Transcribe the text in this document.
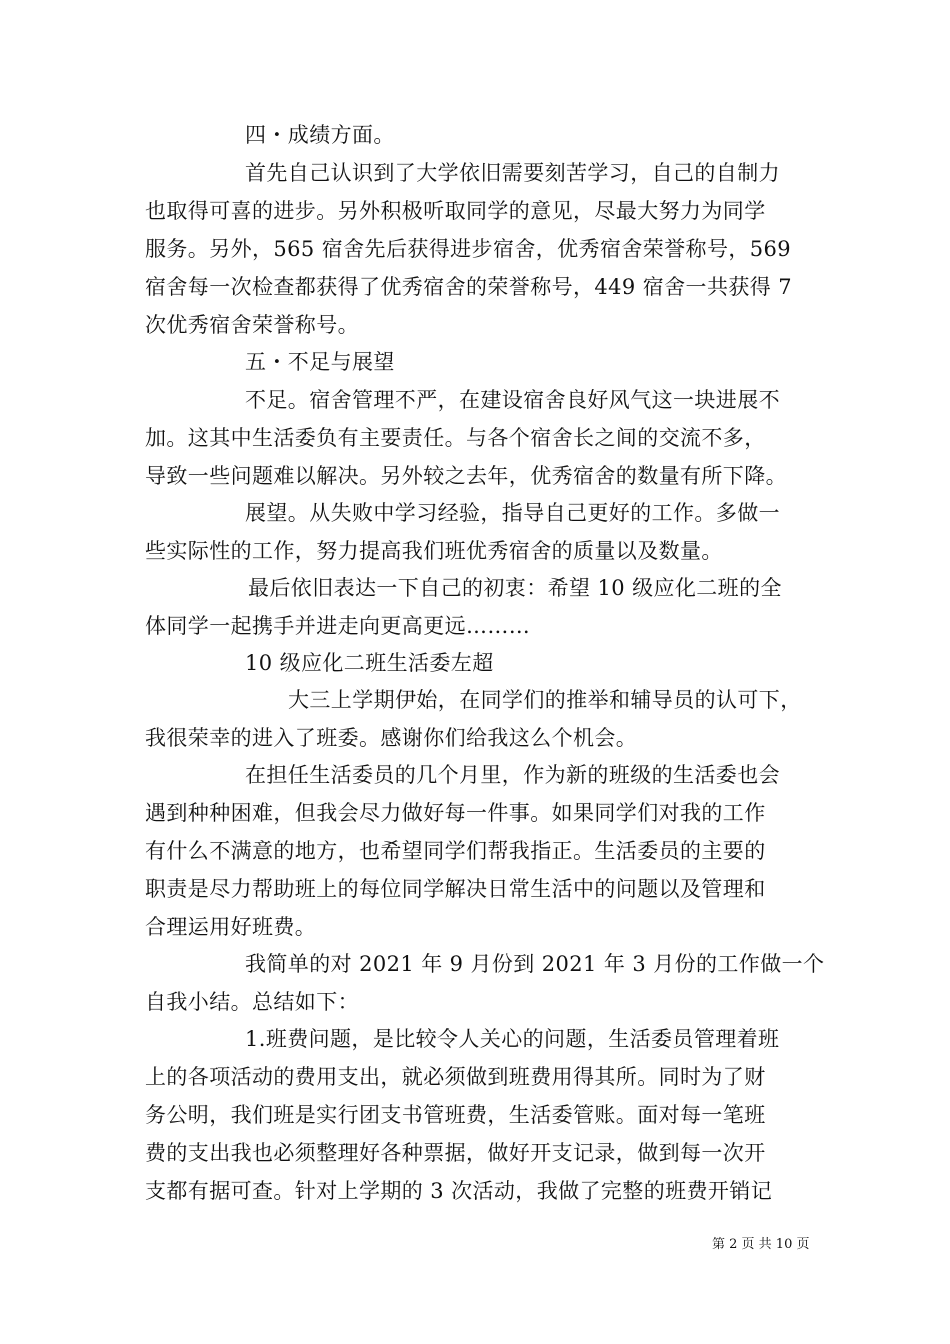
四・成绩方面。
首先自己认识到了大学依旧需要刻苦学习，自己的自制力
也取得可喜的进步。另外积极听取同学的意见，尽最大努力为同学
服务。另外，565 宿舍先后获得进步宿舍，优秀宿舍荣誉称号，569
宿舍每一次检查都获得了优秀宿舍的荣誉称号，449 宿舍一共获得 7
次优秀宿舍荣誉称号。
五・不足与展望
不足。宿舍管理不严，在建设宿舍良好风气这一块进展不
加。这其中生活委负有主要责任。与各个宿舍长之间的交流不多，
导致一些问题难以解决。另外较之去年，优秀宿舍的数量有所下降。
展望。从失败中学习经验，指导自己更好的工作。多做一
些实际性的工作，努力提高我们班优秀宿舍的质量以及数量。
最后依旧表达一下自己的初衷：希望 10 级应化二班的全
体同学一起携手并进走向更高更远………
10 级应化二班生活委左超
大三上学期伊始，在同学们的推举和辅导员的认可下，
我很荣幸的进入了班委。感谢你们给我这么个机会。
在担任生活委员的几个月里，作为新的班级的生活委也会
遇到种种困难，但我会尽力做好每一件事。如果同学们对我的工作
有什么不满意的地方，也希望同学们帮我指正。生活委员的主要的
职责是尽力帮助班上的每位同学解决日常生活中的问题以及管理和
合理运用好班费。
我简单的对 2021 年 9 月份到 2021 年 3 月份的工作做一个
自我小结。总结如下：
1.班费问题，是比较令人关心的问题，生活委员管理着班
上的各项活动的费用支出，就必须做到班费用得其所。同时为了财
务公明，我们班是实行团支书管班费，生活委管账。面对每一笔班
费的支出我也必须整理好各种票据，做好开支记录，做到每一次开
支都有据可查。针对上学期的 3 次活动，我做了完整的班费开销记
第 2 页 共 10 页
